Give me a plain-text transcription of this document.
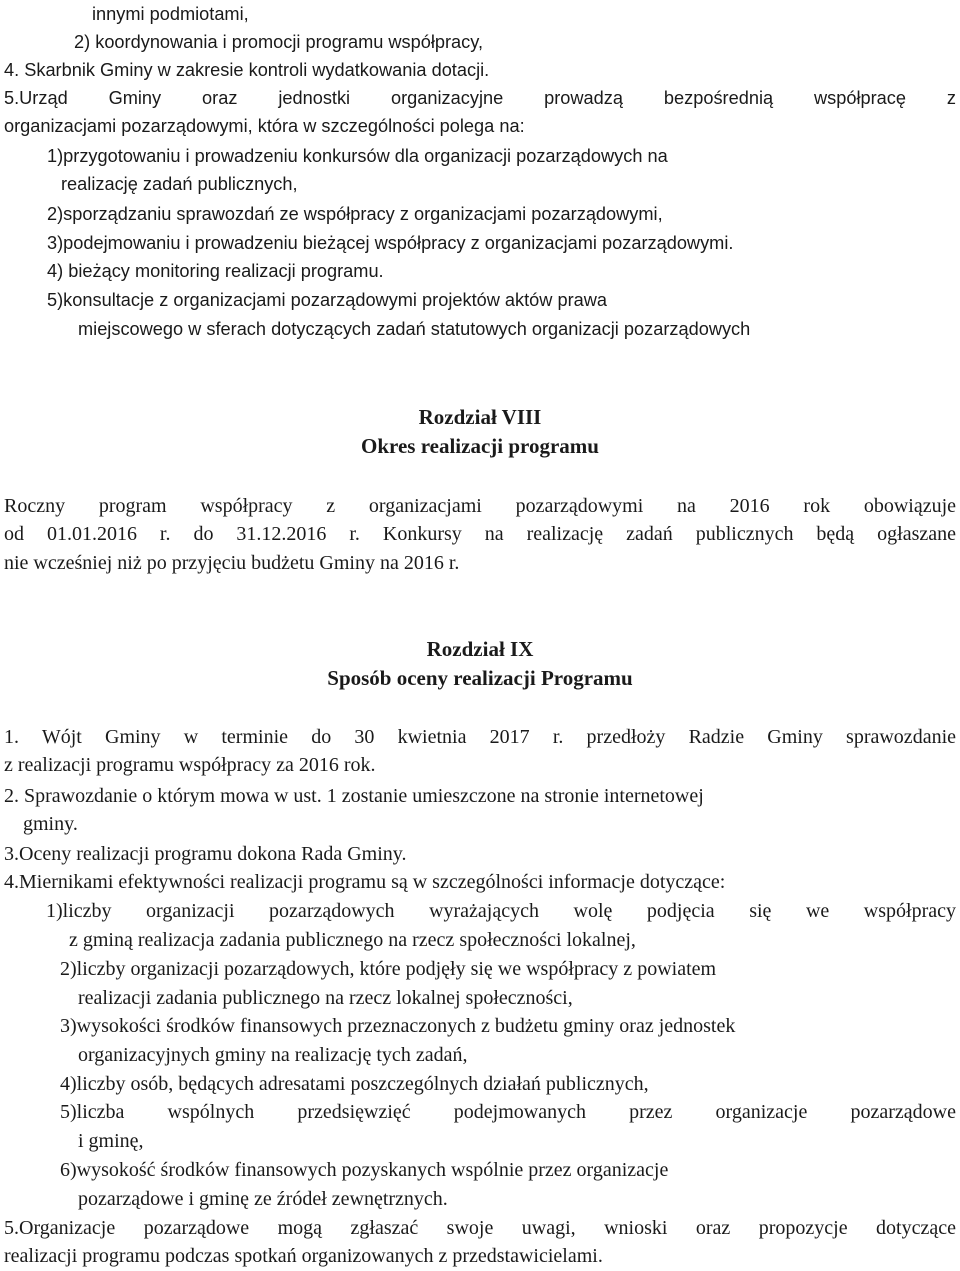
innymi podmiotami,
2) koordynowania i promocji programu współpracy,
4. Skarbnik Gminy w zakresie kontroli wydatkowania dotacji.
5.Urząd Gminy oraz jednostki organizacyjne prowadzą bezpośrednią współpracę z
organizacjami pozarządowymi, która w szczególności polega na:
1)przygotowaniu i prowadzeniu konkursów dla organizacji pozarządowych na
realizację zadań publicznych,
2)sporządzaniu sprawozdań ze współpracy z organizacjami pozarządowymi,
3)podejmowaniu i prowadzeniu bieżącej współpracy z organizacjami pozarządowymi.
4) bieżący monitoring realizacji programu.
5)konsultacje z organizacjami pozarządowymi projektów aktów prawa
miejscowego w sferach dotyczących zadań statutowych organizacji pozarządowych
Rozdział VIII
Okres realizacji programu
Roczny program współpracy z organizacjami pozarządowymi na 2016 rok obowiązuje
od 01.01.2016 r. do 31.12.2016 r. Konkursy na realizację zadań publicznych będą ogłaszane
nie wcześniej niż po przyjęciu budżetu Gminy na 2016 r.
Rozdział IX
Sposób oceny realizacji Programu
1. Wójt Gminy w terminie do 30 kwietnia 2017 r. przedłoży Radzie Gminy sprawozdanie
z realizacji programu współpracy za 2016 rok.
2. Sprawozdanie o którym mowa w ust. 1 zostanie umieszczone na stronie internetowej
gminy.
3.Oceny realizacji programu dokona Rada Gminy.
4.Miernikami efektywności realizacji programu są w szczególności informacje dotyczące:
1)liczby organizacji pozarządowych wyrażających wolę podjęcia się we współpracy
z gminą realizacja zadania publicznego na rzecz społeczności lokalnej,
2)liczby organizacji pozarządowych, które podjęły się we współpracy z powiatem
realizacji zadania publicznego na rzecz lokalnej społeczności,
3)wysokości środków finansowych przeznaczonych z budżetu gminy oraz jednostek
organizacyjnych gminy na realizację tych zadań,
4)liczby osób, będących adresatami poszczególnych działań publicznych,
5)liczba wspólnych przedsięwzięć podejmowanych przez organizacje pozarządowe
i gminę,
6)wysokość środków finansowych pozyskanych wspólnie przez organizacje
pozarządowe i gminę ze źródeł zewnętrznych.
5.Organizacje pozarządowe mogą zgłaszać swoje uwagi, wnioski oraz propozycje dotyczące
realizacji programu podczas spotkań organizowanych z przedstawicielami.
